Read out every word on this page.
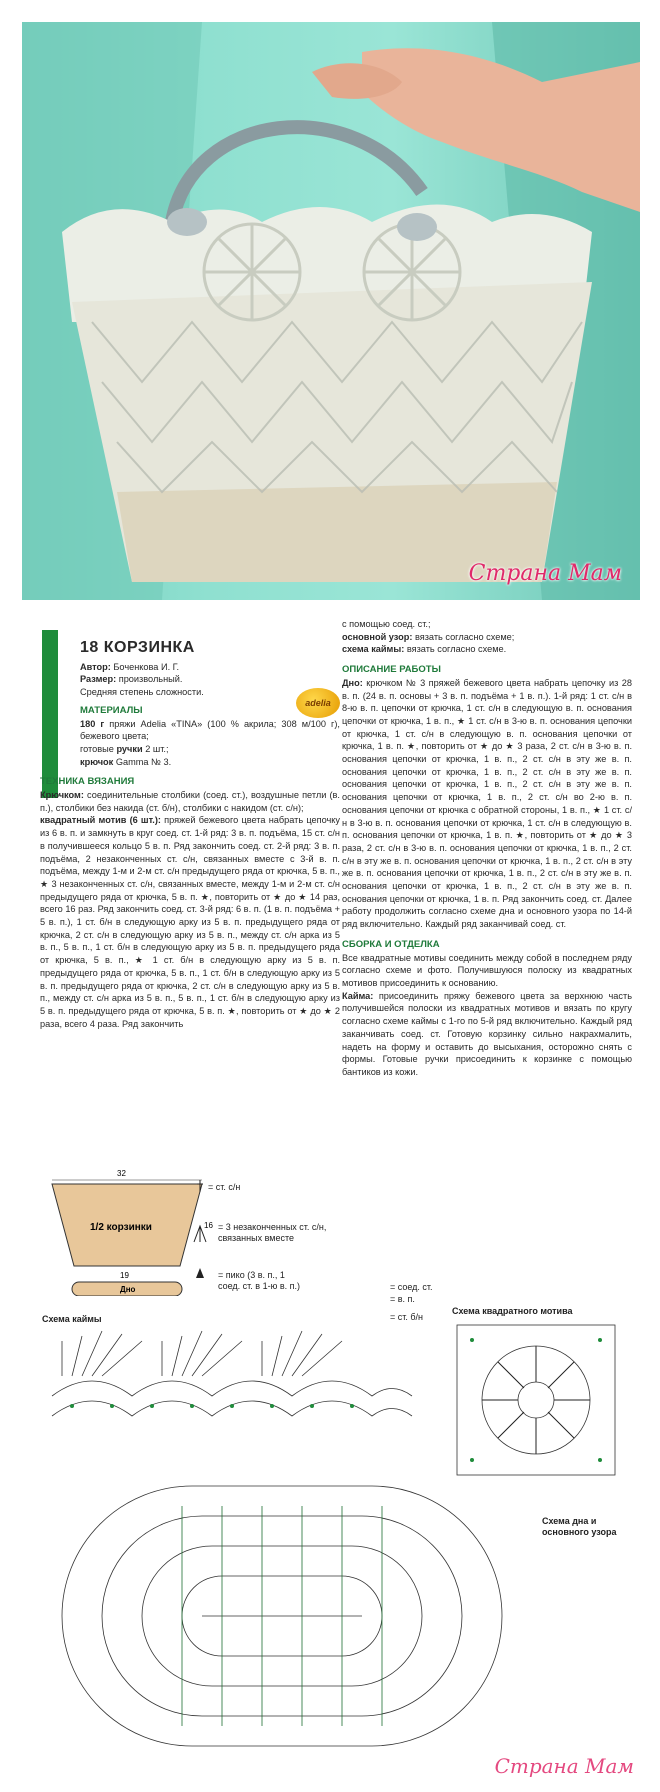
Страна Мам
18 КОРЗИНКА

Автор: Боченкова И. Г.

Размер: произвольный.

Средняя степень сложности.

МАТЕРИАЛЫ

180 г пряжи Adelia «TINA» (100 % акрила; 308 м/100 г), бежевого цвета;

готовые ручки 2 шт.;

крючок Gamma № 3.

adelia

ТЕХНИКА ВЯЗАНИЯ

Крючком: соединительные столбики (соед. ст.), воздушные петли (в. п.), столбики без накида (ст. б/н), столбики с накидом (ст. с/н);

квадратный мотив (6 шт.): пряжей бежевого цвета набрать цепочку из 6 в. п. и замкнуть в круг соед. ст. 1-й ряд: 3 в. п. подъёма, 15 ст. с/н в получившееся кольцо 5 в. п. Ряд закончить соед. ст. 2-й ряд: 3 в. п. подъёма, 2 незаконченных ст. с/н, связанных вместе с 3-й в. п. подъёма, между 1-м и 2-м ст. с/н предыдущего ряда от крючка, 5 в. п., ★ 3 незаконченных ст. с/н, связанных вместе, между 1-м и 2-м ст. с/н предыдущего ряда от крючка, 5 в. п. ★, повторить от ★ до ★ 14 раз, всего 16 раз. Ряд закончить соед. ст. 3-й ряд: 6 в. п. (1 в. п. подъёма + 5 в. п.), 1 ст. б/н в следующую арку из 5 в. п. предыдущего ряда от крючка, 2 ст. с/н в следующую арку из 5 в. п., между ст. с/н арка из 5 в. п., 5 в. п., 1 ст. б/н в следующую арку из 5 в. п. предыдущего ряда от крючка, 5 в. п., ★ 1 ст. б/н в следующую арку из 5 в. п. предыдущего ряда от крючка, 5 в. п., 1 ст. б/н в следующую арку из 5 в. п. предыдущего ряда от крючка, 2 ст. с/н в следующую арку из 5 в. п., между ст. с/н арка из 5 в. п., 5 в. п., 1 ст. б/н в следующую арку из 5 в. п. предыдущего ряда от крючка, 5 в. п. ★, повторить от ★ до ★ 2 раза, всего 4 раза. Ряд закончить

с помощью соед. ст.;

основной узор: вязать согласно схеме;

схема каймы: вязать согласно схеме.

ОПИСАНИЕ РАБОТЫ

Дно: крючком № 3 пряжей бежевого цвета набрать цепочку из 28 в. п. (24 в. п. основы + 3 в. п. подъёма + 1 в. п.). 1-й ряд: 1 ст. с/н в 8-ю в. п. цепочки от крючка, 1 ст. с/н в следующую в. п. основания цепочки от крючка, 1 в. п., ★ 1 ст. с/н в 3-ю в. п. основания цепочки от крючка, 1 ст. с/н в следующую в. п. основания цепочки от крючка, 1 в. п. ★, повторить от ★ до ★ 3 раза, 2 ст. с/н в 3-ю в. п. основания цепочки от крючка, 1 в. п., 2 ст. с/н в эту же в. п. основания цепочки от крючка, 1 в. п., 2 ст. с/н в эту же в. п. основания цепочки от крючка, 1 в. п., 2 ст. с/н в эту же в. п. основания цепочки от крючка, 1 в. п., 2 ст. с/н во 2-ю в. п. основания цепочки от крючка с обратной стороны, 1 в. п., ★ 1 ст. с/н в 3-ю в. п. основания цепочки от крючка, 1 ст. с/н в следующую в. п. основания цепочки от крючка, 1 в. п. ★, повторить от ★ до ★ 3 раза, 2 ст. с/н в 3-ю в. п. основания цепочки от крючка, 1 в. п., 2 ст. с/н в эту же в. п. основания цепочки от крючка, 1 в. п., 2 ст. с/н в эту же в. п. основания цепочки от крючка, 1 в. п., 2 ст. с/н в эту же в. п. основания цепочки от крючка, 1 в. п., 2 ст. с/н в эту же в. п. основания цепочки от крючка, 1 в. п. Ряд закончить соед. ст. Далее работу продолжить согласно схеме дна и основного узора по 14-й ряд включительно. Каждый ряд заканчивай соед. ст.

СБОРКА И ОТДЕЛКА

Все квадратные мотивы соединить между собой в последнем ряду согласно схеме и фото. Получившуюся полоску из квадратных мотивов присоединить к основанию.

Кайма: присоединить пряжу бежевого цвета за верхнюю часть получившейся полоски из квадратных мотивов и вязать по кругу согласно схеме каймы с 1-го по 5-й ряд включительно. Каждый ряд заканчивать соед. ст. Готовую корзинку сильно накрахмалить, надеть на форму и оставить до высыхания, осторожно снять с формы. Готовые ручки присоединить к корзинке с помощью бантиков из кожи.

32
16
1/2 корзинки
19
Дно
= ст. с/н
= 3 незаконченных ст. с/н, связанных вместе
= пико (3 в. п., 1 соед. ст. в 1-ю в. п.)	= соед. ст.
= в. п.
= ст. б/н
Схема каймы
Схема квадратного мотива
Схема дна и основного узора
Страна Мам
